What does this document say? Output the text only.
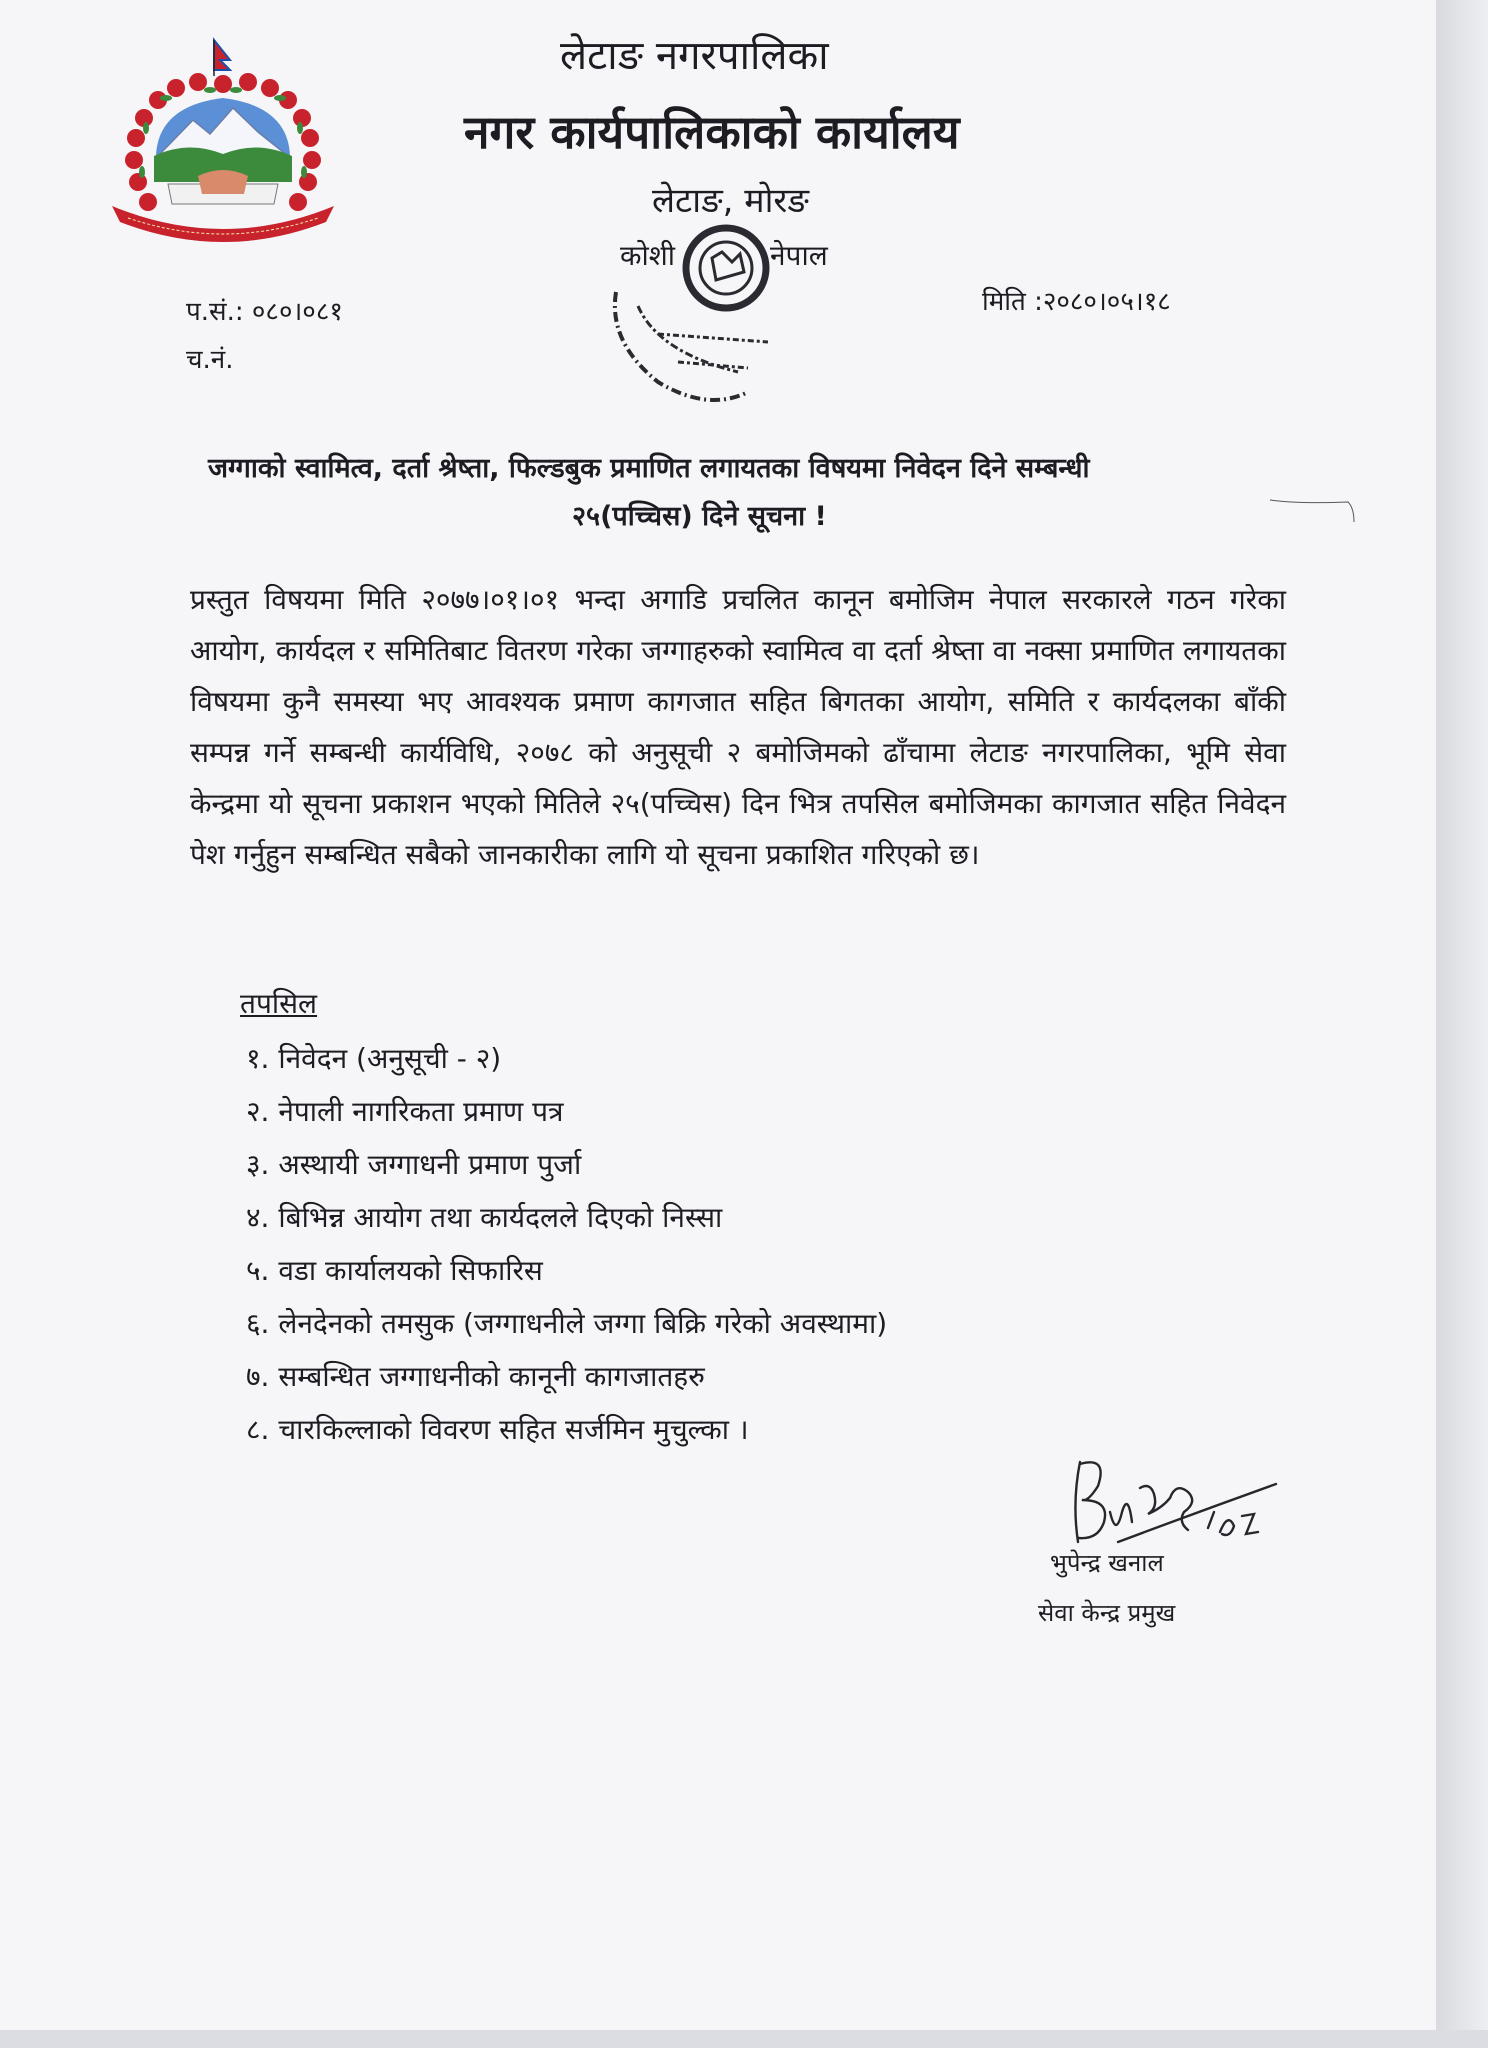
लेटाङ नगरपालिका
नगर कार्यपालिकाको कार्यालय
लेटाङ, मोरङ
कोशी	नेपाल
प.सं.: ०८०।०८१
च.नं.
मिति :२०८०।०५।१८
जग्गाको स्वामित्व, दर्ता श्रेष्ता, फिल्डबुक प्रमाणित लगायतका विषयमा निवेदन दिने सम्बन्धी
२५(पच्चिस) दिने सूचना !
प्रस्तुत विषयमा मिति २०७७।०१।०१ भन्दा अगाडि प्रचलित कानून बमोजिम नेपाल सरकारले गठन गरेका आयोग, कार्यदल र समितिबाट वितरण गरेका जग्गाहरुको स्वामित्व वा दर्ता श्रेष्ता वा नक्सा प्रमाणित लगायतका विषयमा कुनै समस्या भए आवश्यक प्रमाण कागजात सहित बिगतका आयोग, समिति र कार्यदलका बाँकी सम्पन्न गर्ने सम्बन्धी कार्यविधि, २०७८ को अनुसूची २ बमोजिमको ढाँचामा लेटाङ नगरपालिका, भूमि सेवा केन्द्रमा यो सूचना प्रकाशन भएको मितिले २५(पच्चिस) दिन भित्र तपसिल बमोजिमका कागजात सहित निवेदन पेश गर्नुहुन सम्बन्धित सबैको जानकारीका लागि यो सूचना प्रकाशित गरिएको छ।
तपसिल
१. निवेदन (अनुसूची - २)
२. नेपाली नागरिकता प्रमाण पत्र
३. अस्थायी जग्गाधनी प्रमाण पुर्जा
४. बिभिन्न आयोग तथा कार्यदलले दिएको निस्सा
५. वडा कार्यालयको सिफारिस
६. लेनदेनको तमसुक (जग्गाधनीले जग्गा बिक्रि गरेको अवस्थामा)
७. सम्बन्धित जग्गाधनीको कानूनी कागजातहरु
८. चारकिल्लाको विवरण सहित सर्जमिन मुचुल्का ।
भुपेन्द्र खनाल
सेवा केन्द्र प्रमुख
